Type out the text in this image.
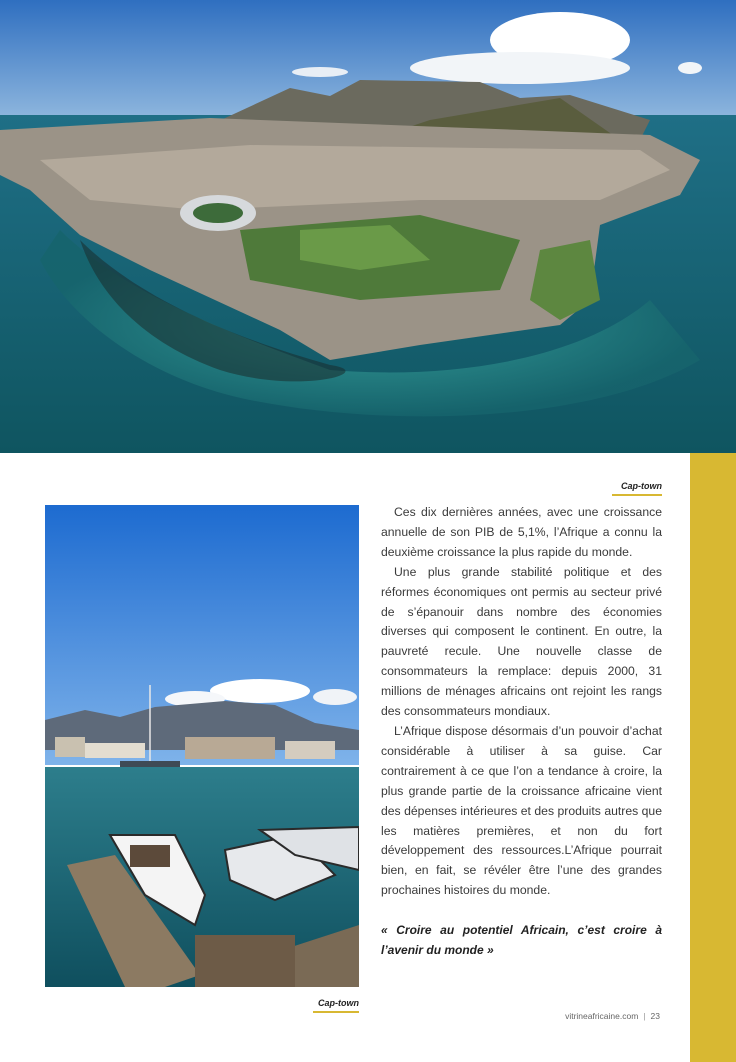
Cap-town
Cap-town

Ces dix dernières années, avec une croissance annuelle de son PIB de 5,1%, l’Afrique a connu la deuxième croissance la plus rapide du monde.

Une plus grande stabilité politique et des réformes économiques ont permis au secteur privé de s’épanouir dans nombre des économies diverses qui composent le continent. En outre, la pauvreté recule. Une nouvelle classe de consommateurs la remplace: depuis 2000, 31 millions de ménages africains ont rejoint les rangs des consommateurs mondiaux.

L’Afrique dispose désormais d’un pouvoir d’achat considérable à utiliser à sa guise. Car contrairement à ce que l’on a tendance à croire, la plus grande partie de la croissance africaine vient des dépenses intérieures et des produits autres que les matières premières, et non du fort développement des ressources.L’Afrique pourrait bien, en fait, se révéler être l’une des grandes prochaines histoires du monde.

« Croire au potentiel Africain, c’est croire à l’avenir du monde »
vitrineafricaine.com | 23
